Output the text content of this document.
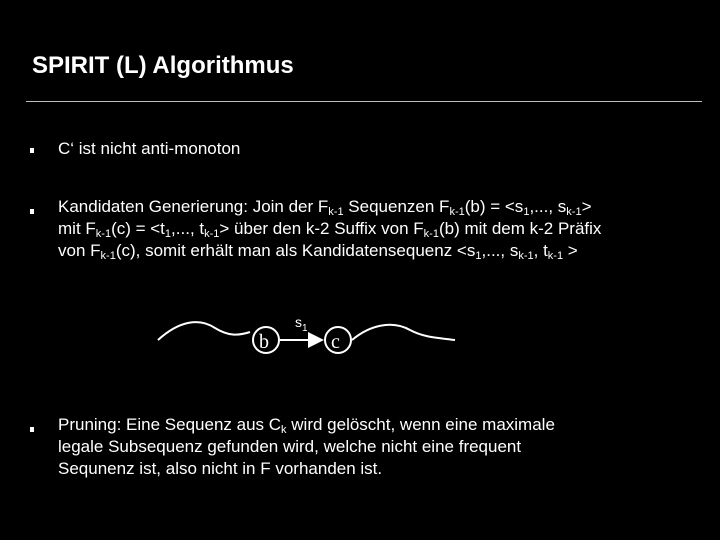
SPIRIT (L) Algorithmus
C‘ ist nicht anti-monoton
Kandidaten Generierung: Join der $F_{k-1}$ Sequenzen $F_{k-1}(b) = <s_1$,..., $s_{k-1}>$
mit $F_{k-1}(c) = <t_1$,..., $t_{k-1}>$ über den k-2 Suffix von $F_{k-1}(b)$ mit dem k-2 Präfix
von $F_{k-1}(c)$, somit erhält man als Kandidatensequenz $<s_1$,..., $s_{k-1}$, $t_{k-1}$ >
b
$s_1$
c
Pruning: Eine Sequenz aus $C_k$ wird gelöscht, wenn eine maximale
legale Subsequenz gefunden wird, welche nicht eine frequent
Sequnenz ist, also nicht in F vorhanden ist.
